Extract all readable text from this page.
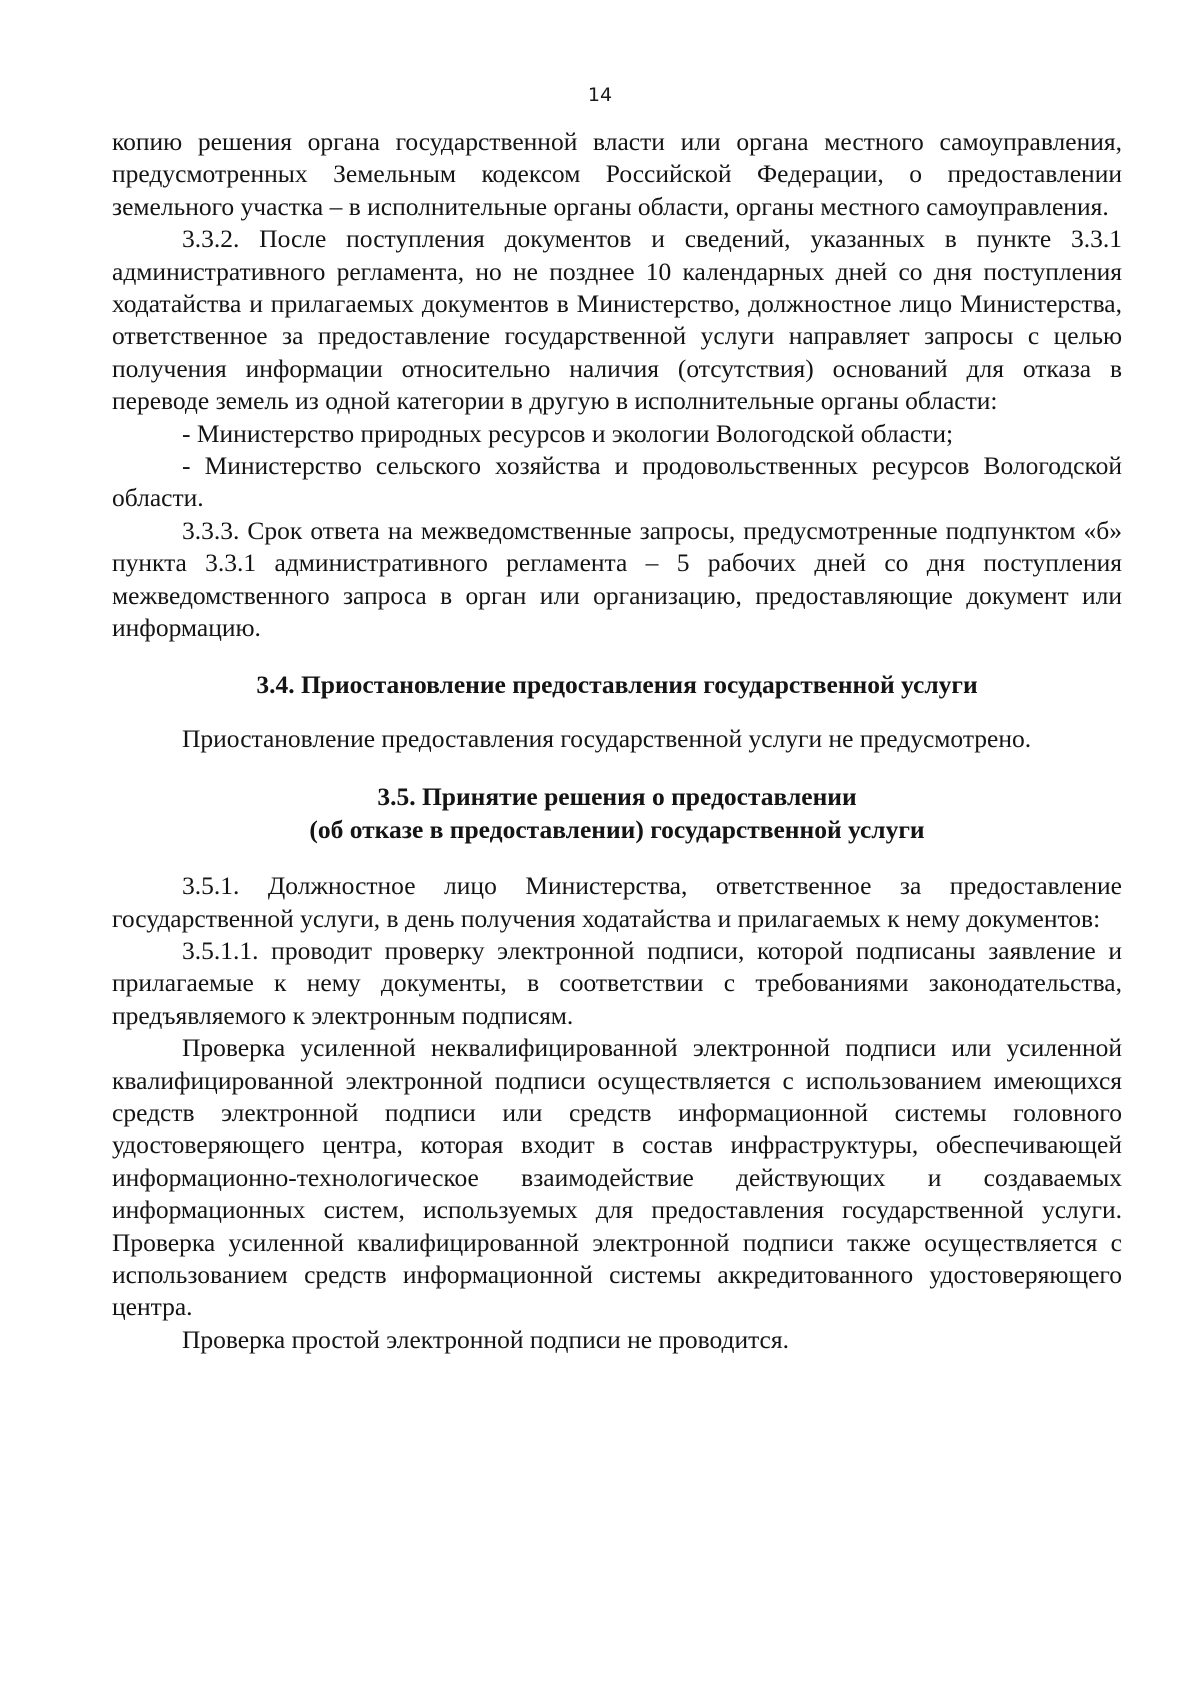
14

копию решения органа государственной власти или органа местного самоуправления, предусмотренных Земельным кодексом Российской Федерации, о предоставлении земельного участка – в исполнительные органы области, органы местного самоуправления.

3.3.2. После поступления документов и сведений, указанных в пункте 3.3.1 административного регламента, но не позднее 10 календарных дней со дня поступления ходатайства и прилагаемых документов в Министерство, должностное лицо Министерства, ответственное за предоставление государственной услуги направляет запросы с целью получения информации относительно наличия (отсутствия) оснований для отказа в переводе земель из одной категории в другую в исполнительные органы области:

- Министерство природных ресурсов и экологии Вологодской области;

- Министерство сельского хозяйства и продовольственных ресурсов Вологодской области.

3.3.3. Срок ответа на межведомственные запросы, предусмотренные подпунктом «б» пункта 3.3.1 административного регламента – 5 рабочих дней со дня поступления межведомственного запроса в орган или организацию, предоставляющие документ или информацию.

3.4. Приостановление предоставления государственной услуги

Приостановление предоставления государственной услуги не предусмотрено.

3.5. Принятие решения о предоставлении
(об отказе в предоставлении) государственной услуги

3.5.1. Должностное лицо Министерства, ответственное за предоставление государственной услуги, в день получения ходатайства и прилагаемых к нему документов:

3.5.1.1. проводит проверку электронной подписи, которой подписаны заявление и прилагаемые к нему документы, в соответствии с требованиями законодательства, предъявляемого к электронным подписям.

Проверка усиленной неквалифицированной электронной подписи или усиленной квалифицированной электронной подписи осуществляется с использованием имеющихся средств электронной подписи или средств информационной системы головного удостоверяющего центра, которая входит в состав инфраструктуры, обеспечивающей информационно-технологическое взаимодействие действующих и создаваемых информационных систем, используемых для предоставления государственной услуги. Проверка усиленной квалифицированной электронной подписи также осуществляется с использованием средств информационной системы аккредитованного удостоверяющего центра.

Проверка простой электронной подписи не проводится.
